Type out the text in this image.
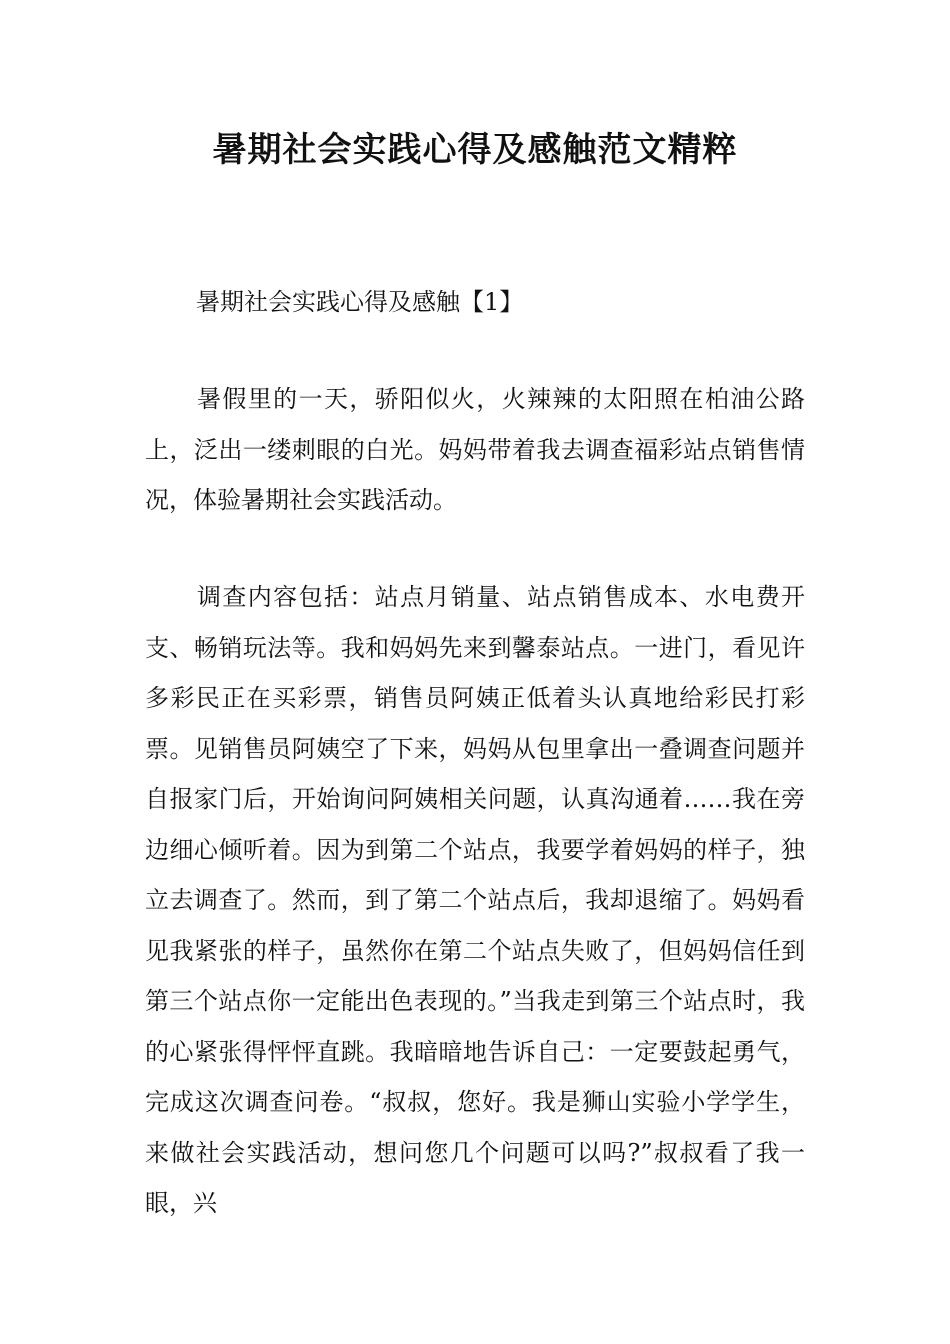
暑期社会实践心得及感触范文精粹

暑期社会实践心得及感触【1】

暑假里的一天，骄阳似火，火辣辣的太阳照在柏油公路上，泛出一缕刺眼的白光。妈妈带着我去调查福彩站点销售情况，体验暑期社会实践活动。

调查内容包括：站点月销量、站点销售成本、水电费开支、畅销玩法等。我和妈妈先来到馨泰站点。一进门，看见许多彩民正在买彩票，销售员阿姨正低着头认真地给彩民打彩票。见销售员阿姨空了下来，妈妈从包里拿出一叠调查问题并自报家门后，开始询问阿姨相关问题，认真沟通着……我在旁边细心倾听着。因为到第二个站点，我要学着妈妈的样子，独立去调查了。然而，到了第二个站点后，我却退缩了。妈妈看见我紧张的样子，虽然你在第二个站点失败了，但妈妈信任到第三个站点你一定能出色表现的。”当我走到第三个站点时，我的心紧张得怦怦直跳。我暗暗地告诉自己：一定要鼓起勇气，完成这次调查问卷。“叔叔，您好。我是狮山实验小学学生，来做社会实践活动，想问您几个问题可以吗?”叔叔看了我一眼，兴
